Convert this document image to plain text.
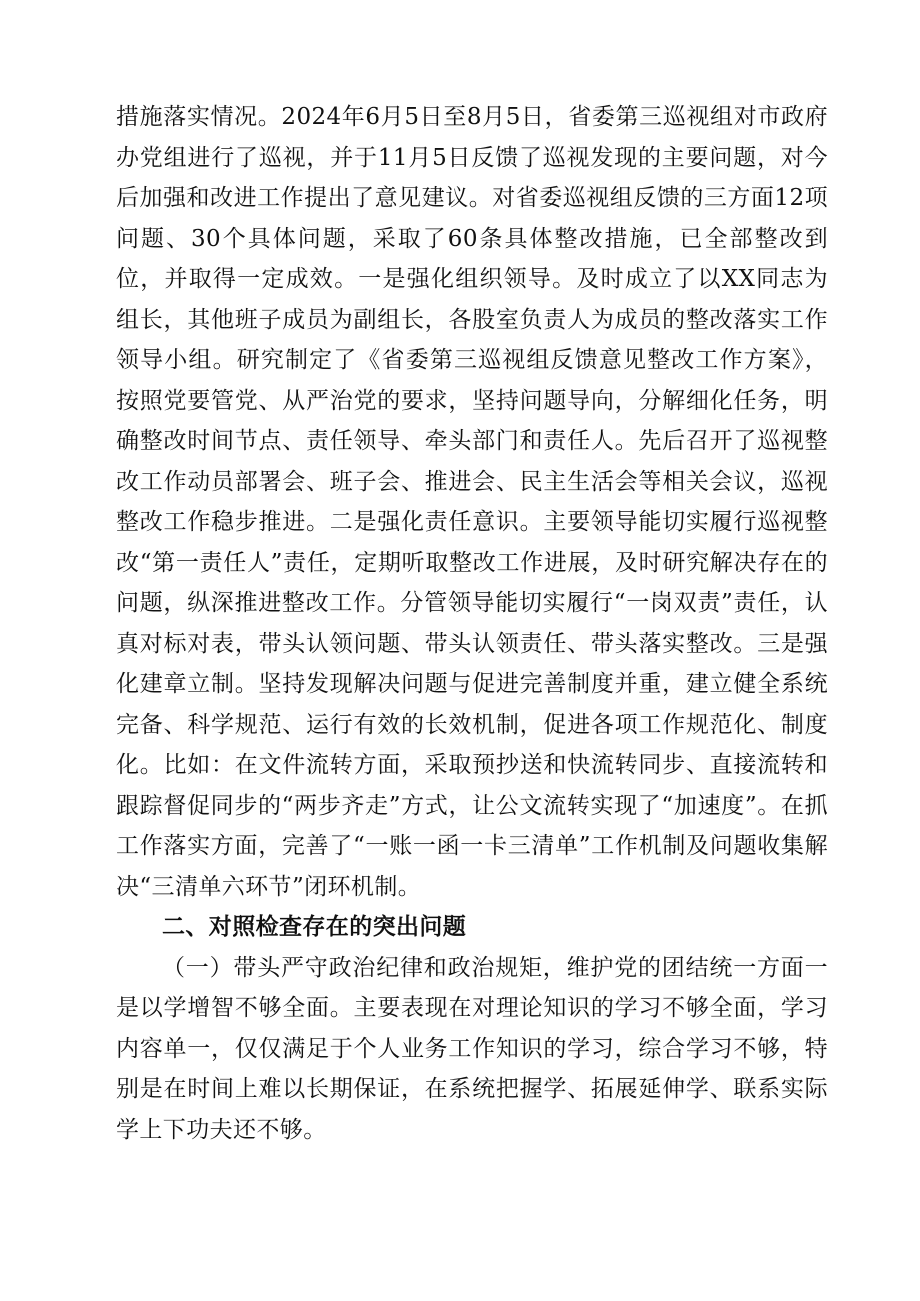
措施落实情况。2024年6月5日至8月5日，省委第三巡视组对市政府办党组进行了巡视，并于11月5日反馈了巡视发现的主要问题，对今后加强和改进工作提出了意见建议。对省委巡视组反馈的三方面12项问题、30个具体问题，采取了60条具体整改措施，已全部整改到位，并取得一定成效。一是强化组织领导。及时成立了以XX同志为组长，其他班子成员为副组长，各股室负责人为成员的整改落实工作领导小组。研究制定了《省委第三巡视组反馈意见整改工作方案》，按照党要管党、从严治党的要求，坚持问题导向，分解细化任务，明确整改时间节点、责任领导、牵头部门和责任人。先后召开了巡视整改工作动员部署会、班子会、推进会、民主生活会等相关会议，巡视整改工作稳步推进。二是强化责任意识。主要领导能切实履行巡视整改“第一责任人”责任，定期听取整改工作进展，及时研究解决存在的问题，纵深推进整改工作。分管领导能切实履行“一岗双责”责任，认真对标对表，带头认领问题、带头认领责任、带头落实整改。三是强化建章立制。坚持发现解决问题与促进完善制度并重，建立健全系统完备、科学规范、运行有效的长效机制，促进各项工作规范化、制度化。比如：在文件流转方面，采取预抄送和快流转同步、直接流转和跟踪督促同步的“两步齐走”方式，让公文流转实现了“加速度”。在抓工作落实方面，完善了“一账一函一卡三清单”工作机制及问题收集解决“三清单六环节”闭环机制。

二、对照检查存在的突出问题

（一）带头严守政治纪律和政治规矩，维护党的团结统一方面一是以学增智不够全面。主要表现在对理论知识的学习不够全面，学习内容单一，仅仅满足于个人业务工作知识的学习，综合学习不够，特别是在时间上难以长期保证，在系统把握学、拓展延伸学、联系实际学上下功夫还不够。
